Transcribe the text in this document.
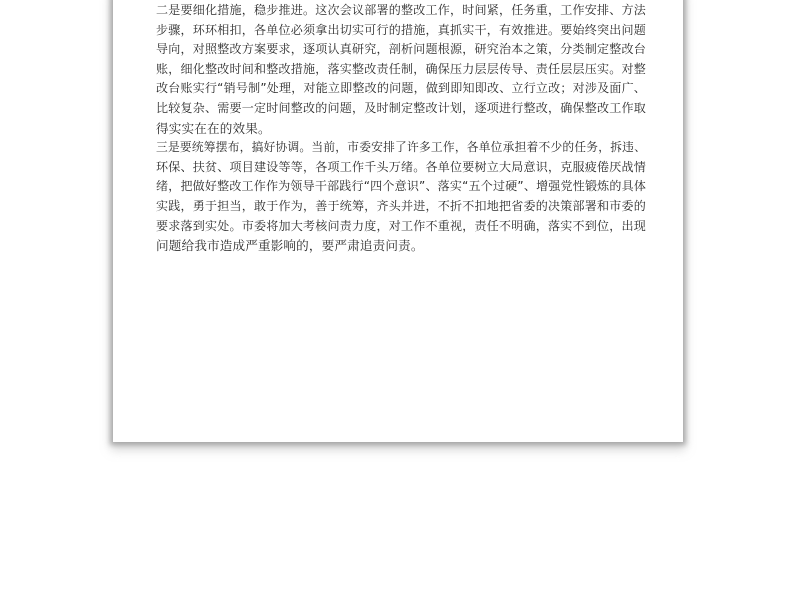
二是要细化措施，稳步推进。这次会议部署的整改工作，时间紧，任务重，工作安排、方法
步骤，环环相扣，各单位必须拿出切实可行的措施，真抓实干，有效推进。要始终突出问题
导向，对照整改方案要求，逐项认真研究，剖析问题根源，研究治本之策，分类制定整改台
账，细化整改时间和整改措施，落实整改责任制，确保压力层层传导、责任层层压实。对整
改台账实行“销号制”处理，对能立即整改的问题，做到即知即改、立行立改；对涉及面广、
比较复杂、需要一定时间整改的问题，及时制定整改计划，逐项进行整改，确保整改工作取
得实实在在的效果。
三是要统筹摆布，搞好协调。当前，市委安排了许多工作，各单位承担着不少的任务，拆违、
环保、扶贫、项目建设等等，各项工作千头万绪。各单位要树立大局意识，克服疲倦厌战情
绪，把做好整改工作作为领导干部践行“四个意识”、落实“五个过硬”、增强党性锻炼的具体
实践，勇于担当，敢于作为，善于统筹，齐头并进，不折不扣地把省委的决策部署和市委的
要求落到实处。市委将加大考核问责力度，对工作不重视，责任不明确，落实不到位，出现
问题给我市造成严重影响的，要严肃追责问责。
